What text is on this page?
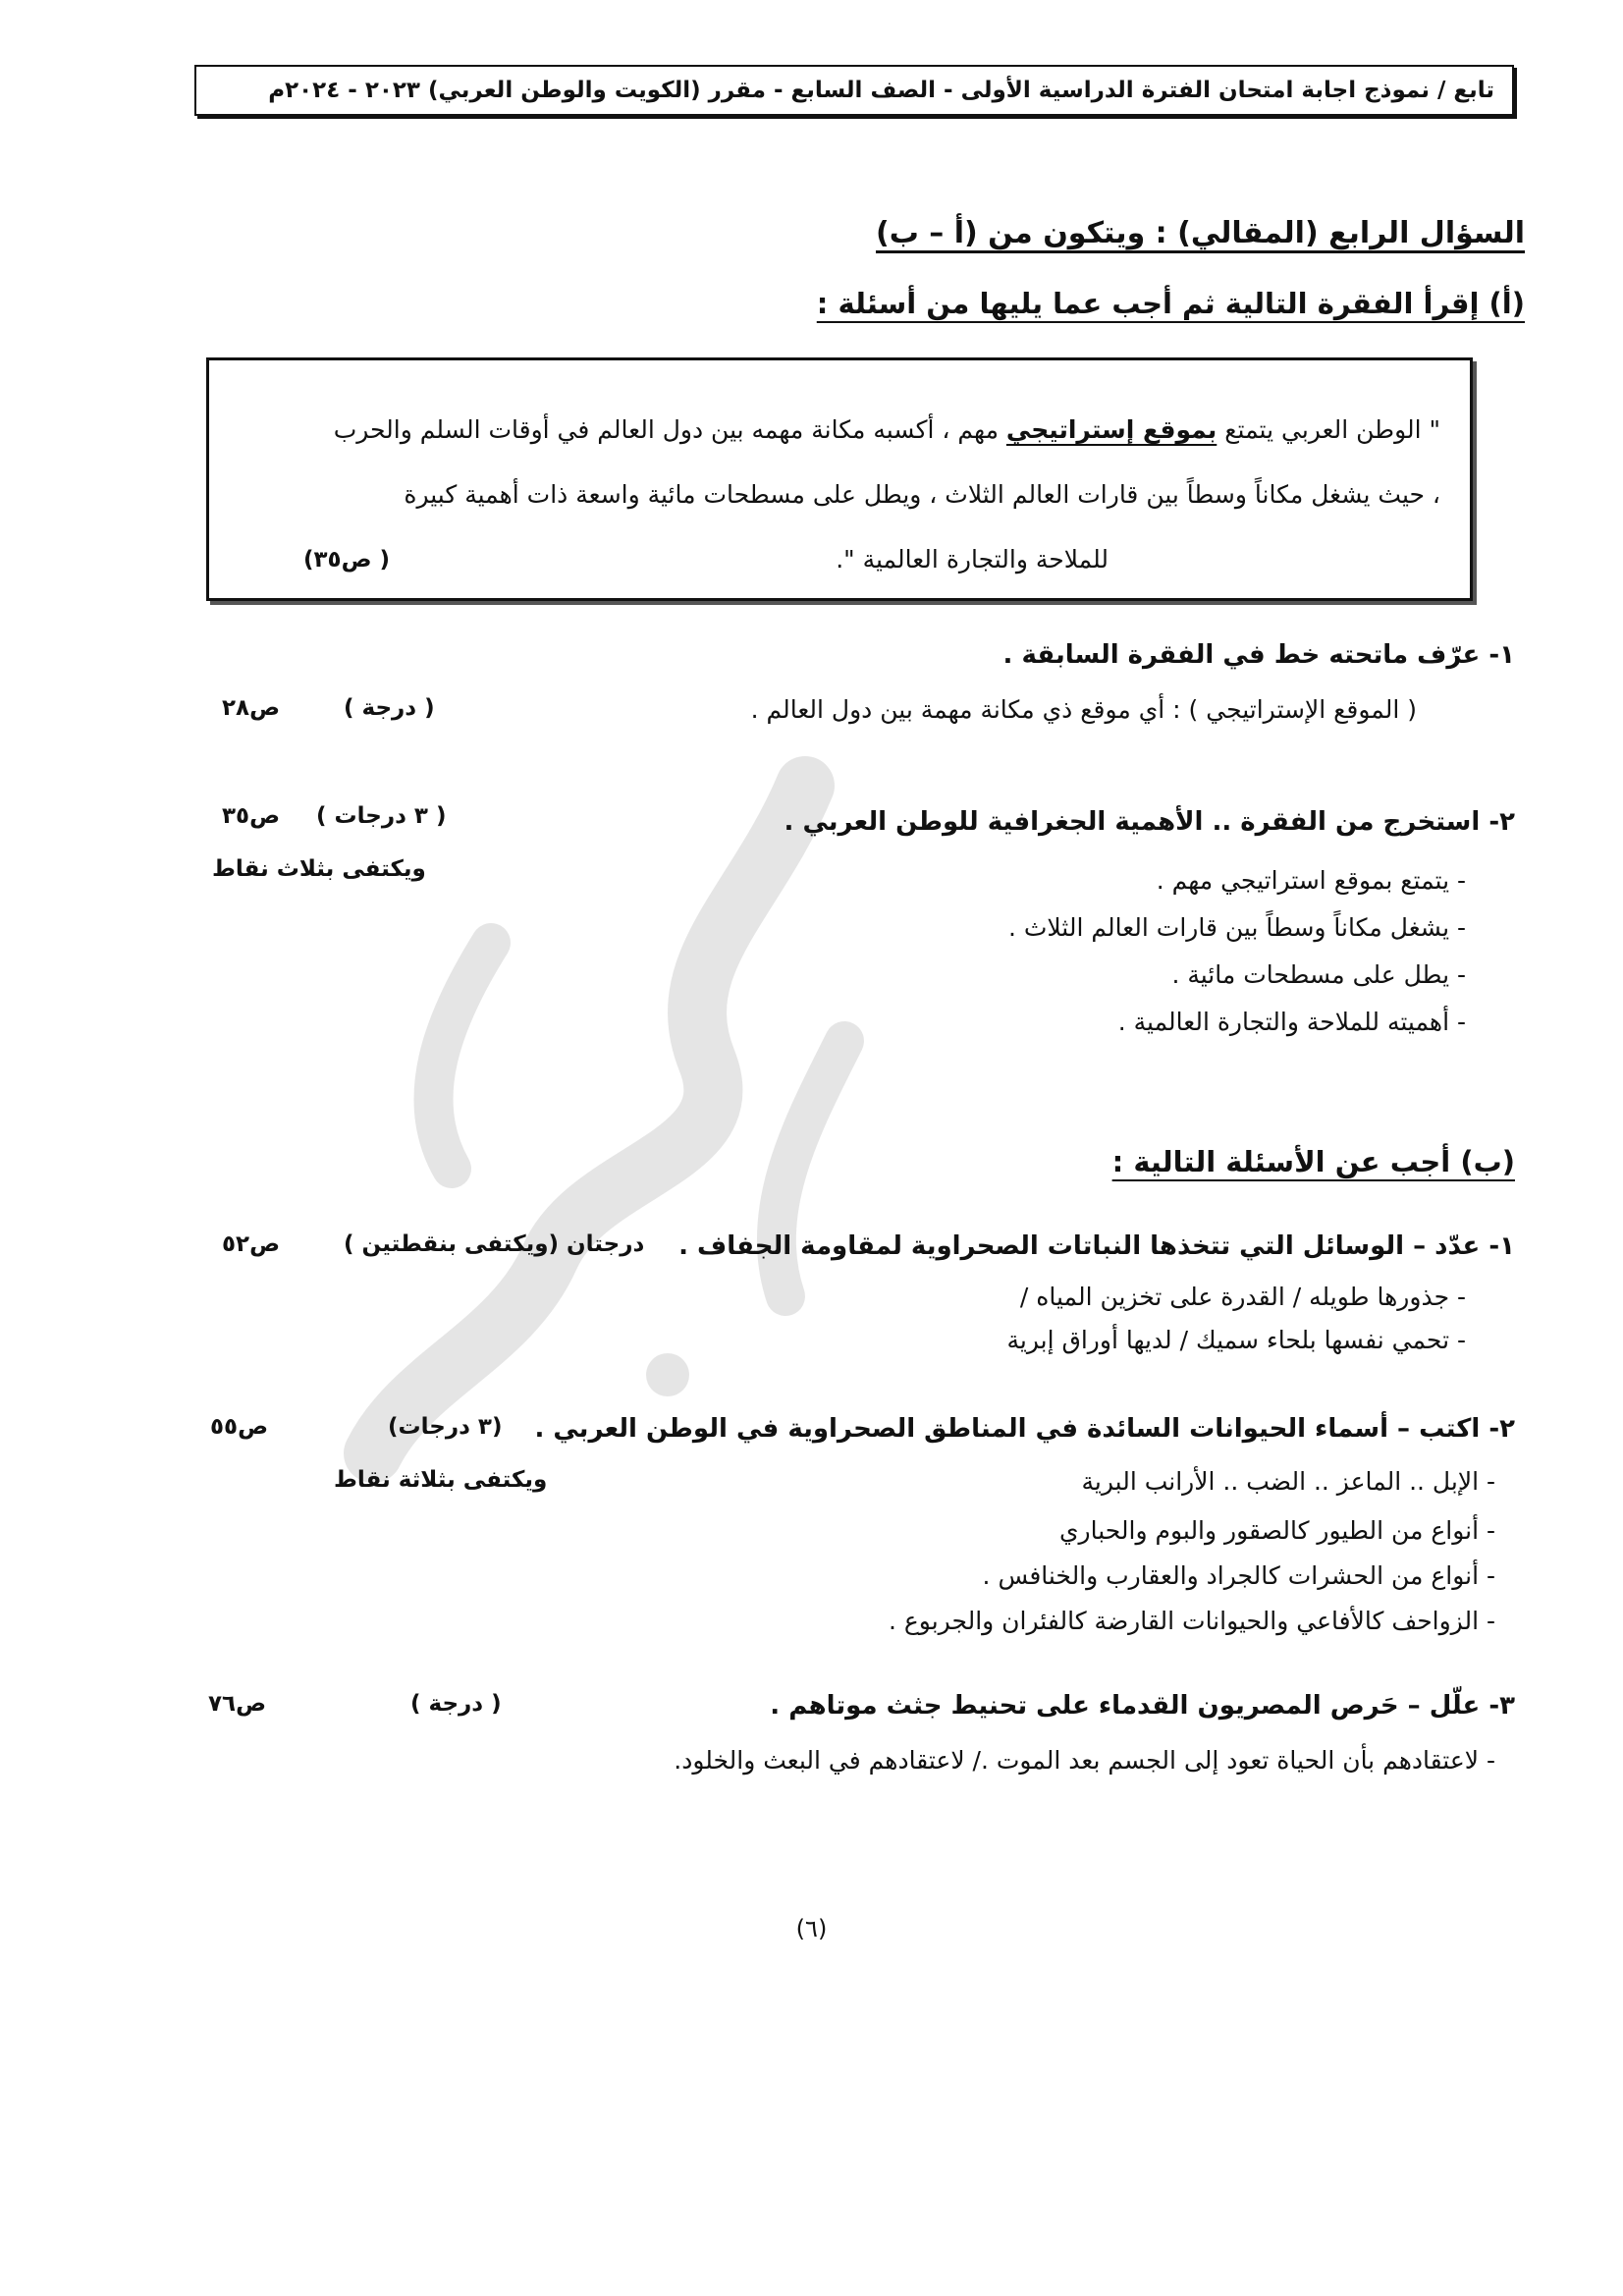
تابع / نموذج اجابة امتحان الفترة الدراسية الأولى - الصف السابع - مقرر (الكويت والوطن العربي) ٢٠٢٣ - ٢٠٢٤م
السؤال الرابع (المقالي) : ويتكون من (أ – ب)
(أ) إقرأ الفقرة التالية ثم أجب عما يليها من أسئلة :
" الوطن العربي يتمتع بموقع إستراتيجي مهم ، أكسبه مكانة مهمه بين دول العالم في أوقات السلم والحرب
، حيث يشغل مكاناً وسطاً بين قارات العالم الثلاث ، ويطل على مسطحات مائية واسعة ذات أهمية كبيرة
للملاحة والتجارة العالمية ".
( ص٣٥)
١- عرّف ماتحته خط في الفقرة السابقة .
( الموقع الإستراتيجي ) : أي موقع ذي مكانة مهمة بين دول العالم .
( درجة )
ص٢٨
٢- استخرج من الفقرة .. الأهمية الجغرافية للوطن العربي .
( ٣ درجات )
ص٣٥
ويكتفى بثلاث نقاط	- يتمتع بموقع استراتيجي مهم .
- يشغل مكاناً وسطاً بين قارات العالم الثلاث .
- يطل على مسطحات مائية .
- أهميته للملاحة والتجارة العالمية .
(ب) أجب عن الأسئلة التالية :
١- عدّد – الوسائل التي تتخذها النباتات الصحراوية لمقاومة الجفاف .
درجتان (ويكتفى بنقطتين )
ص٥٢
- جذورها طويله / القدرة على تخزين المياه /
- تحمي نفسها بلحاء سميك / لديها أوراق إبرية
٢- اكتب – أسماء الحيوانات السائدة في المناطق الصحراوية في الوطن العربي .
(٣ درجات)
ص٥٥
ويكتفى بثلاثة نقاط	- الإبل .. الماعز .. الضب .. الأرانب البرية
- أنواع من الطيور كالصقور والبوم والحباري
- أنواع من الحشرات كالجراد والعقارب والخنافس .
- الزواحف كالأفاعي والحيوانات القارضة كالفئران والجربوع .
٣- علّل – حَرص المصريون القدماء على تحنيط جثث موتاهم .
( درجة )
ص٧٦
- لاعتقادهم بأن الحياة تعود إلى الجسم بعد الموت ./ لاعتقادهم في البعث والخلود.
(٦)
